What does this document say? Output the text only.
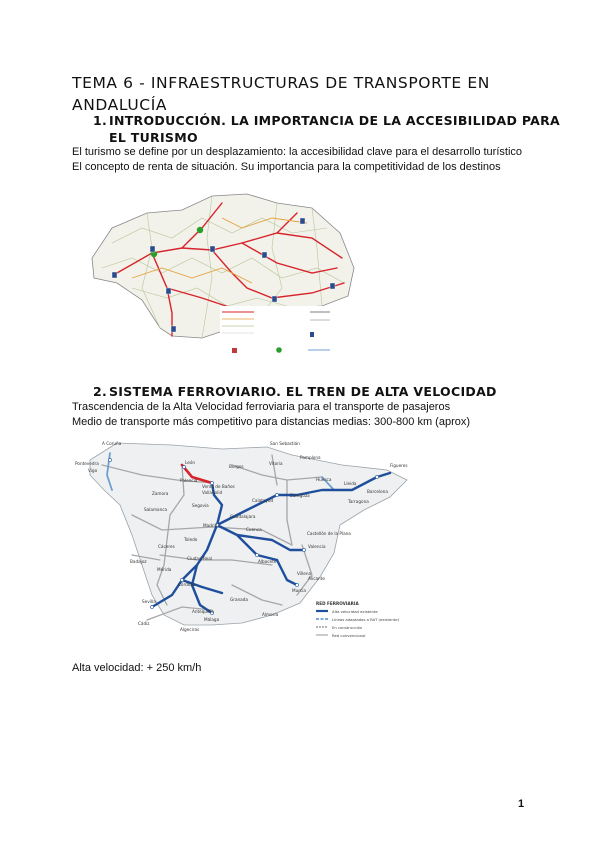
TEMA 6 - INFRAESTRUCTURAS DE TRANSPORTE EN ANDALUCÍA
1. INTRODUCCIÓN. LA IMPORTANCIA DE LA ACCESIBILIDAD PARA
EL TURISMO
El turismo se define por un desplazamiento: la accesibilidad clave para el desarrollo turístico
El concepto de renta de situación. Su importancia para la competitividad de los destinos
2. SISTEMA FERROVIARIO. EL TREN DE ALTA VELOCIDAD
Trascendencia de la Alta Velocidad ferroviaria para el transporte de pasajeros
Medio de transporte más competitivo para distancias medias: 300-800 km (aprox)
A Coruña
Pontevedra
Vigo
León
Palencia
Venta de Baños
Valladolid
Burgos
Vitoria
San Sebastián
Pamplona
Huesca
Lleida
Figueres
Barcelona
Tarragona
Zamora
Salamanca
Zaragoza
Calatayud
Guadalajara
Madrid
Segovia
Toledo
Cuenca
Castellón de la Plana
Valencia
Albacete
Villena
Alicante
Murcia
Cáceres
Ciudad Real
Mérida
Badajoz
Córdoba
Sevilla	Granada
Almería
Cádiz
Málaga
Antequera
Algeciras
RED FERROVIARIA
Alta velocidad existente
Líneas adaptadas a RAT (existente)
En construcción
Red convencional
Alta velocidad: + 250 km/h
1
